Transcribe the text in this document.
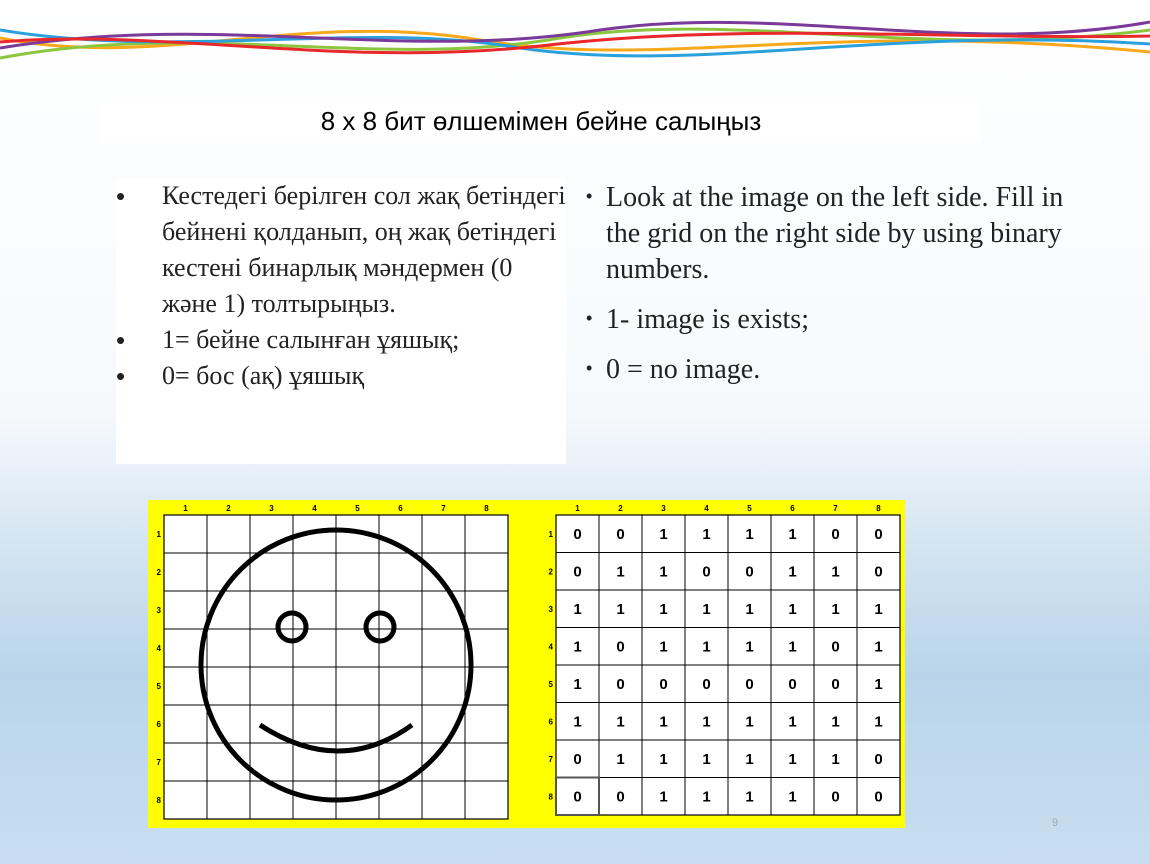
8 x 8 бит өлшемімен бейне салыңыз
• Кестедегі берілген сол жақ бетіндегі бейнені қолданып, оң жақ бетіндегі кестені бинарлық мәндермен (0 және 1) толтырыңыз.
• 1= бейне салынған ұяшық;
• 0= бос (ақ) ұяшық
• Look at the image on the left side. Fill in the grid on the right side by using binary numbers.
• 1- image is exists;
• 0 = no image.
1	2	3	4	5	6	7	8
1
2
3
4
5
6
7
8
1	2	3	4	5	6	7	8
1
2
3
4
5
6
7
8
0 0 1 1 1 1 0 0
0 1 1 0 0 1 1 0
1 1 1 1 1 1 1 1
1 0 1 1 1 1 0 1
1 0 0 0 0 0 0 1
1 1 1 1 1 1 1 1
0 1 1 1 1 1 1 0
0 0 1 1 1 1 0 0
9
